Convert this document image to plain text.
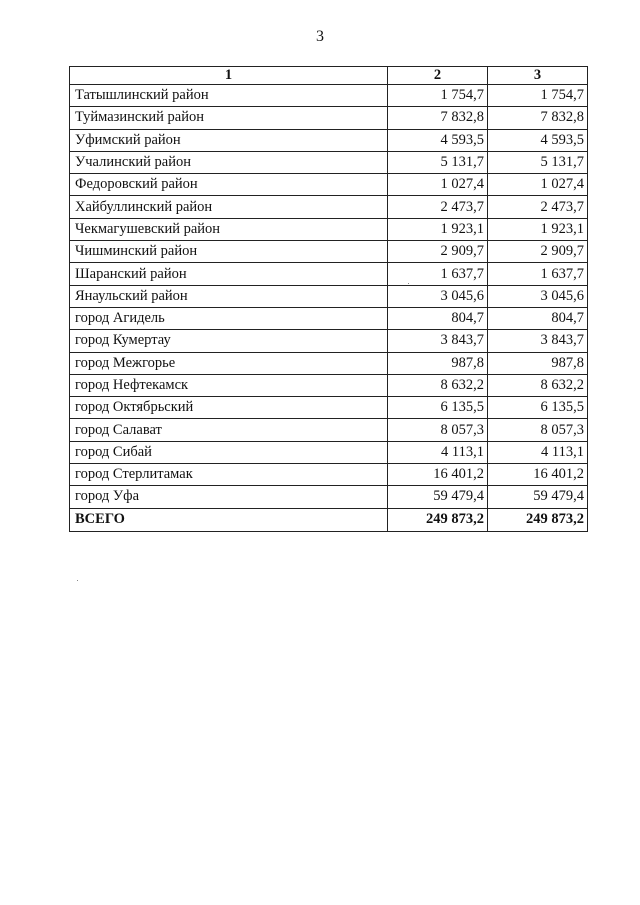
3
1	2	3
Татышлинский район	1 754,7	1 754,7
Туймазинский район	7 832,8	7 832,8
Уфимский район	4 593,5	4 593,5
Учалинский район	5 131,7	5 131,7
Федоровский район	1 027,4	1 027,4
Хайбуллинский район	2 473,7	2 473,7
Чекмагушевский район	1 923,1	1 923,1
Чишминский район	2 909,7	2 909,7
Шаранский район	1 637,7	1 637,7
Янаульский район	3 045,6	3 045,6
город Агидель	804,7	804,7
город Кумертау	3 843,7	3 843,7
город Межгорье	987,8	987,8
город Нефтекамск	8 632,2	8 632,2
город Октябрьский	6 135,5	6 135,5
город Салават	8 057,3	8 057,3
город Сибай	4 113,1	4 113,1
город Стерлитамак	16 401,2	16 401,2
город Уфа	59 479,4	59 479,4
ВСЕГО	249 873,2	249 873,2
